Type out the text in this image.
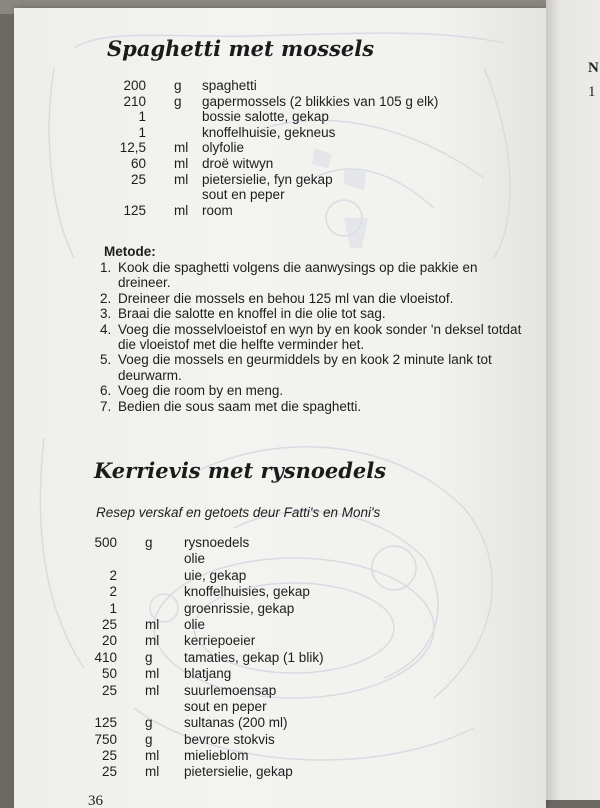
Spaghetti met mossels
200 g spaghetti
210 g gapermossels (2 blikkies van 105 g elk)
1	bossie salotte, gekap
1	knoffelhuisie, gekneus
12,5 ml olyfolie
60 ml droë witwyn
25 ml pietersielie, fyn gekap
sout en peper
125 ml room
Metode:
1. Kook die spaghetti volgens die aanwysings op die pakkie en dreineer.
2. Dreineer die mossels en behou 125 ml van die vloeistof.
3. Braai die salotte en knoffel in die olie tot sag.
4. Voeg die mosselvloeistof en wyn by en kook sonder 'n deksel totdat die vloeistof met die helfte verminder het.
5. Voeg die mossels en geurmiddels by en kook 2 minute lank tot deurwarm.
6. Voeg die room by en meng.
7. Bedien die sous saam met die spaghetti.
Kerrievis met rysnoedels
Resep verskaf en getoets deur Fatti's en Moni's
500 g rysnoedels
olie
2	uie, gekap
2	knoffelhuisies, gekap
1	groenrissie, gekap
25 ml olie
20 ml kerriepoeier
410 g tamaties, gekap (1 blik)
50 ml blatjang
25 ml suurlemoensap
sout en peper
125 g sultanas (200 ml)
750 g bevrore stokvis
25 ml mielieblom
25 ml pietersielie, gekap
36
N
1
